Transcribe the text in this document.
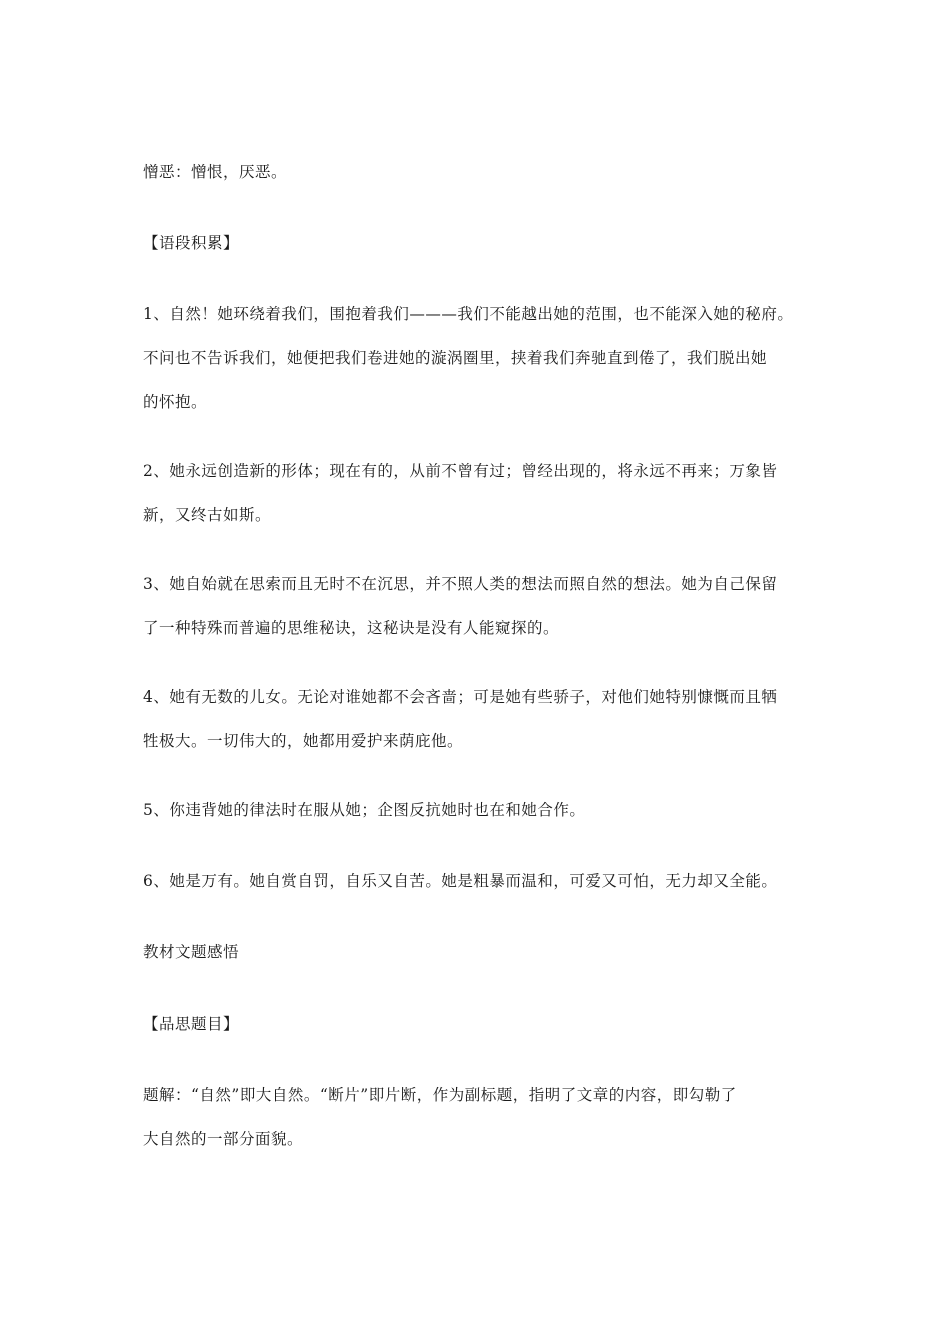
憎恶：憎恨，厌恶。
【语段积累】
1、自然！她环绕着我们，围抱着我们———我们不能越出她的范围，也不能深入她的秘府。
不问也不告诉我们，她便把我们卷进她的漩涡圈里，挟着我们奔驰直到倦了，我们脱出她
的怀抱。
2、她永远创造新的形体；现在有的，从前不曾有过；曾经出现的，将永远不再来；万象皆
新，又终古如斯。
3、她自始就在思索而且无时不在沉思，并不照人类的想法而照自然的想法。她为自己保留
了一种特殊而普遍的思维秘诀，这秘诀是没有人能窥探的。
4、她有无数的儿女。无论对谁她都不会吝啬；可是她有些骄子，对他们她特别慷慨而且牺
牲极大。一切伟大的，她都用爱护来荫庇他。
5、你违背她的律法时在服从她；企图反抗她时也在和她合作。
6、她是万有。她自赏自罚，自乐又自苦。她是粗暴而温和，可爱又可怕，无力却又全能。
教材文题感悟
【品思题目】
题解：“自然”即大自然。“断片”即片断，作为副标题，指明了文章的内容，即勾勒了
大自然的一部分面貌。
